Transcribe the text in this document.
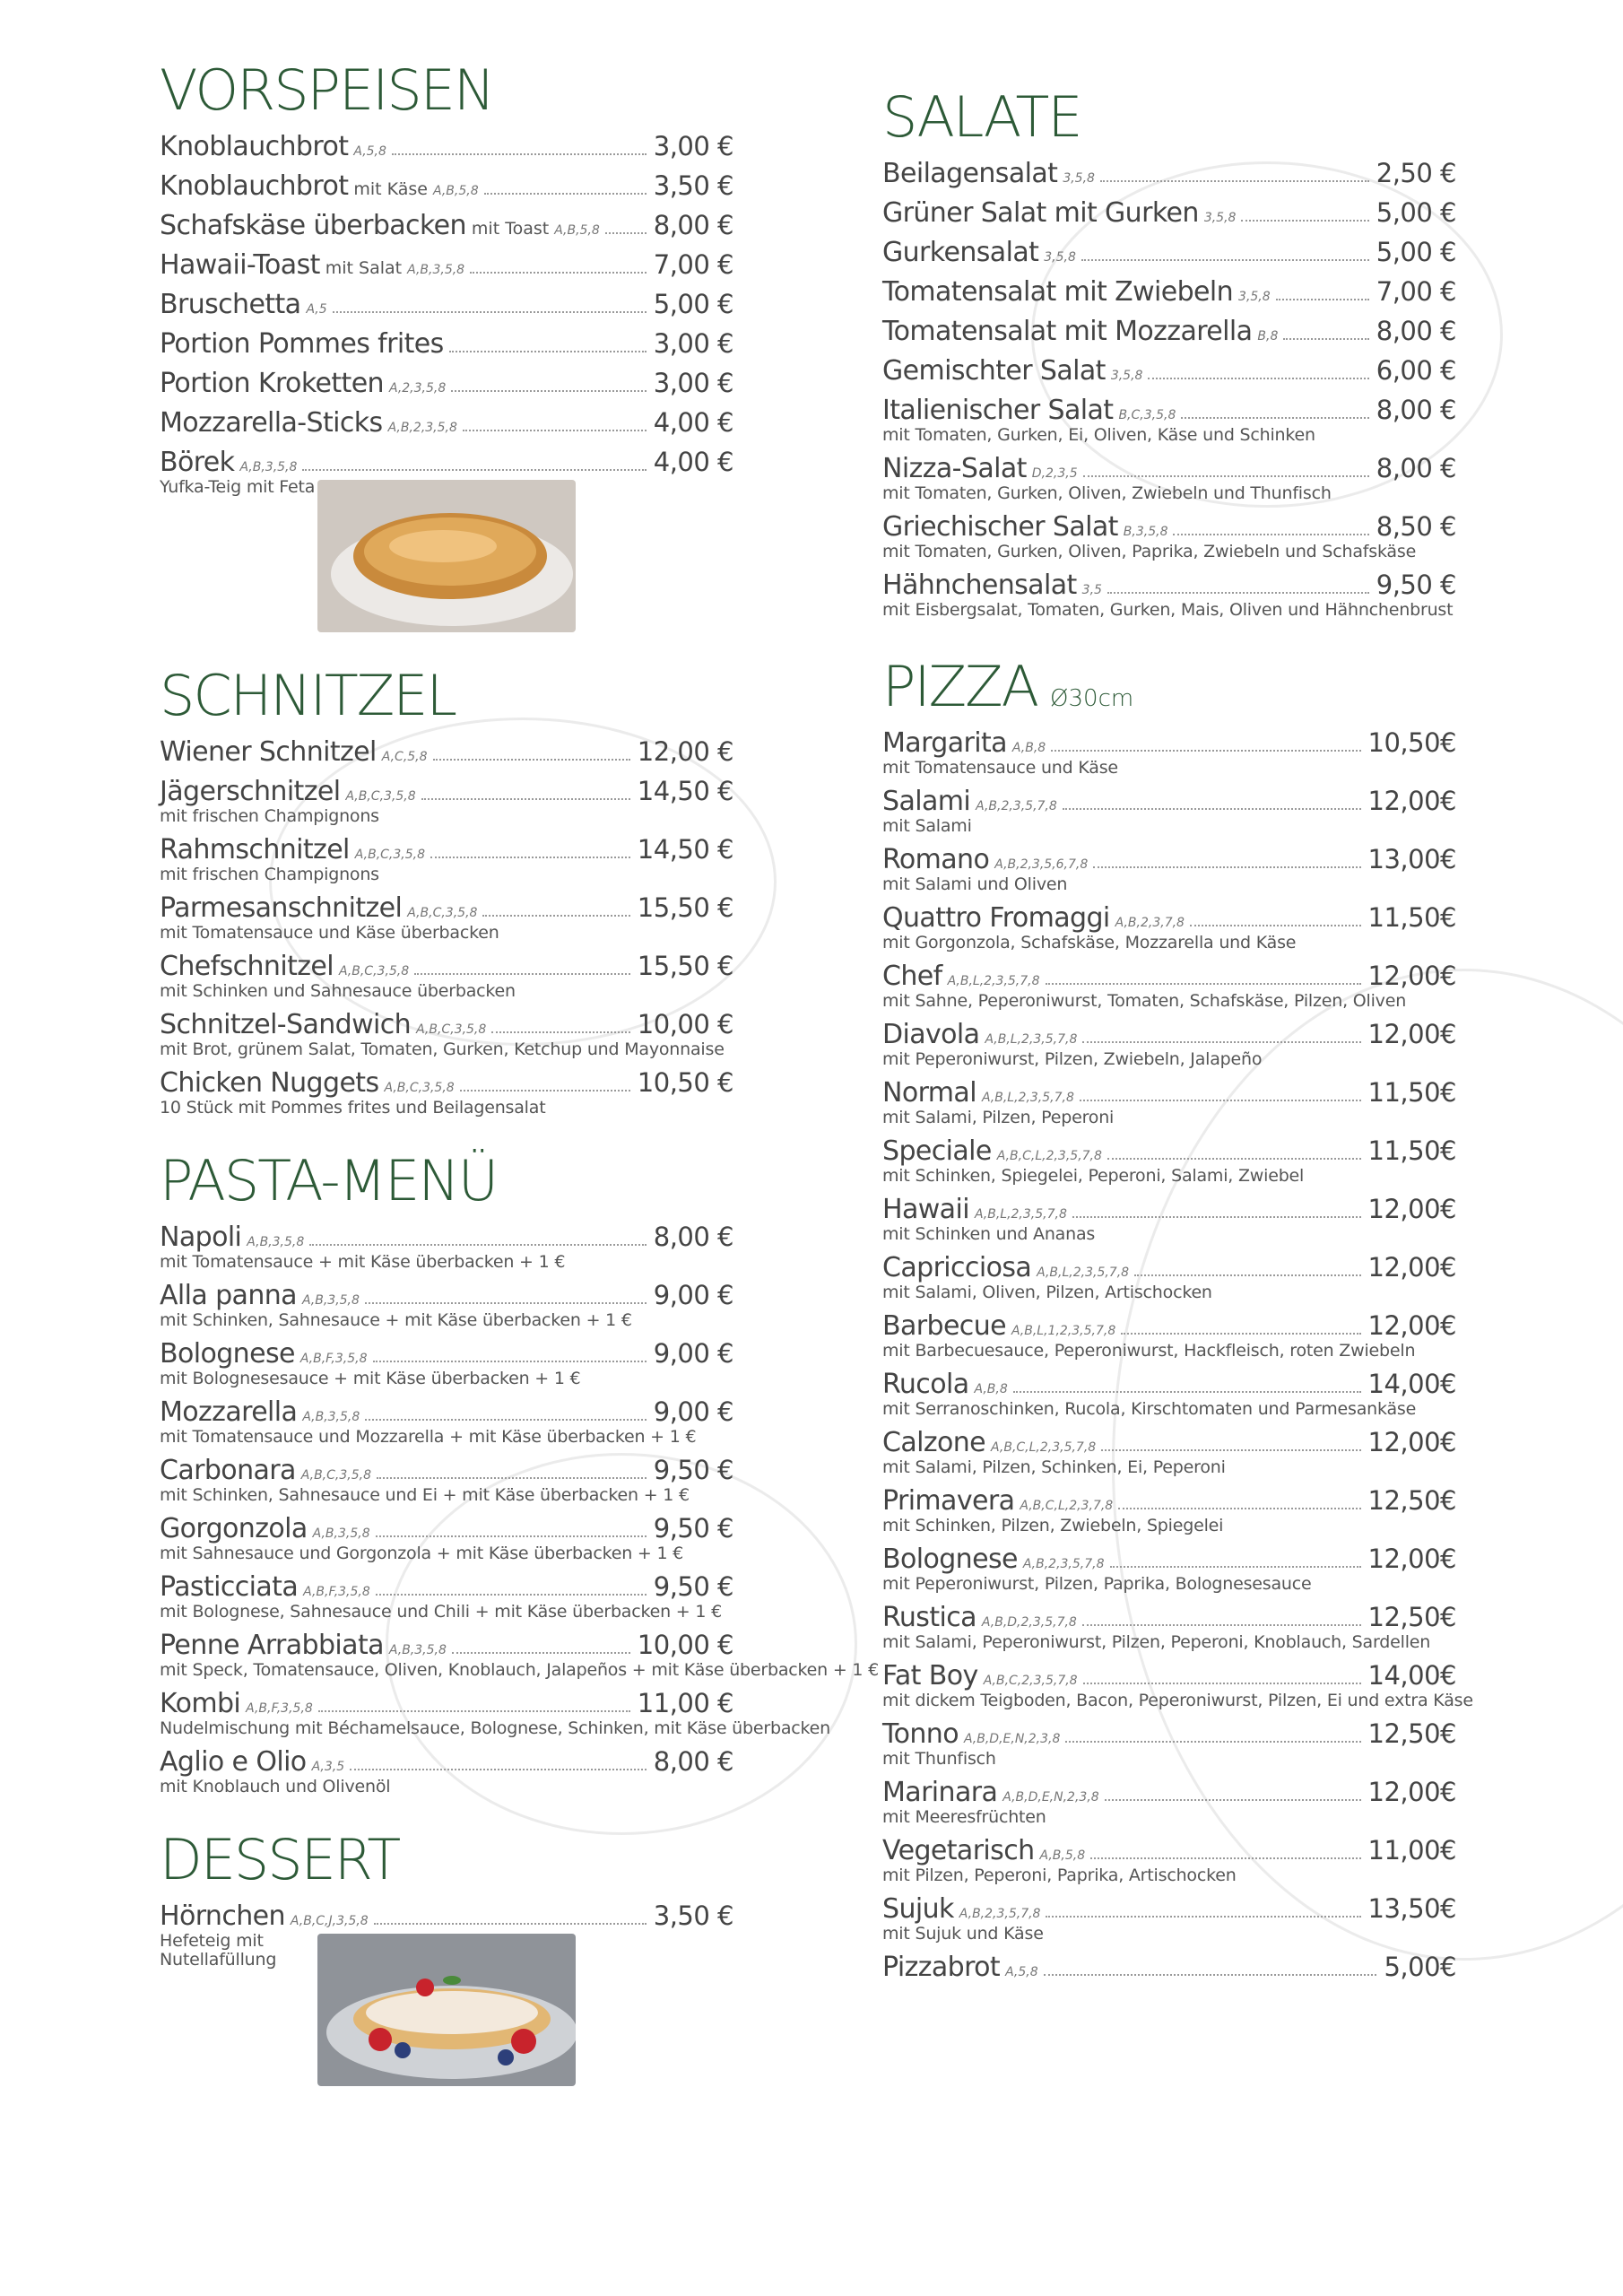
VORSPEISEN
Knoblauchbrot A,5,8	3,00 €
Knoblauchbrot mit Käse A,B,5,8	3,50 €
Schafskäse überbacken mit Toast A,B,5,8 8,00 €
Hawaii-Toast mit Salat A,B,3,5,8	7,00 €
Bruschetta A,5	5,00 €
Portion Pommes frites	3,00 €
Portion Kroketten A,2,3,5,8	3,00 €
Mozzarella-Sticks A,B,2,3,5,8	4,00 €
Börek A,B,3,5,8	4,00 €
Yufka-Teig mit Feta
SCHNITZEL
Wiener Schnitzel A,C,5,8	12,00 €
Jägerschnitzel A,B,C,3,5,8	14,50 €
mit frischen Champignons
Rahmschnitzel A,B,C,3,5,8	14,50 €
mit frischen Champignons
Parmesanschnitzel A,B,C,3,5,8	15,50 €
mit Tomatensauce und Käse überbacken
Chefschnitzel A,B,C,3,5,8	15,50 €
mit Schinken und Sahnesauce überbacken
Schnitzel-Sandwich A,B,C,3,5,8	10,00 €
mit Brot, grünem Salat, Tomaten, Gurken, Ketchup und Mayonnaise
Chicken Nuggets A,B,C,3,5,8	10,50 €
10 Stück mit Pommes frites und Beilagensalat
PASTA-MENÜ
Napoli A,B,3,5,8	8,00 €
mit Tomatensauce + mit Käse überbacken + 1 €
Alla panna A,B,3,5,8	9,00 €
mit Schinken, Sahnesauce + mit Käse überbacken + 1 €
Bolognese A,B,F,3,5,8	9,00 €
mit Bolognesesauce + mit Käse überbacken + 1 €
Mozzarella A,B,3,5,8	9,00 €
mit Tomatensauce und Mozzarella + mit Käse überbacken + 1 €
Carbonara A,B,C,3,5,8	9,50 €
mit Schinken, Sahnesauce und Ei + mit Käse überbacken + 1 €
Gorgonzola A,B,3,5,8	9,50 €
mit Sahnesauce und Gorgonzola + mit Käse überbacken + 1 €
Pasticciata A,B,F,3,5,8	9,50 €
mit Bolognese, Sahnesauce und Chili + mit Käse überbacken + 1 €
Penne Arrabbiata A,B,3,5,8	10,00 €
mit Speck, Tomatensauce, Oliven, Knoblauch, Jalapeños + mit Käse überbacken + 1 €
Kombi A,B,F,3,5,8	11,00 €
Nudelmischung mit Béchamelsauce, Bolognese, Schinken, mit Käse überbacken
Aglio e Olio A,3,5	8,00 €
mit Knoblauch und Olivenöl
DESSERT
Hörnchen A,B,C,J,3,5,8	3,50 €
Hefeteig mit
Nutellafüllung
SALATE
Beilagensalat 3,5,8	2,50 €
Grüner Salat mit Gurken 3,5,8	5,00 €
Gurkensalat 3,5,8	5,00 €
Tomatensalat mit Zwiebeln 3,5,8	7,00 €
Tomatensalat mit Mozzarella B,8	8,00 €
Gemischter Salat 3,5,8	6,00 €
Italienischer Salat B,C,3,5,8	8,00 €
mit Tomaten, Gurken, Ei, Oliven, Käse und Schinken
Nizza-Salat D,2,3,5	8,00 €
mit Tomaten, Gurken, Oliven, Zwiebeln und Thunfisch
Griechischer Salat B,3,5,8	8,50 €
mit Tomaten, Gurken, Oliven, Paprika, Zwiebeln und Schafskäse
Hähnchensalat 3,5	9,50 €
mit Eisbergsalat, Tomaten, Gurken, Mais, Oliven und Hähnchenbrust
PIZZA Ø30cm
Margarita A,B,8	10,50€
mit Tomatensauce und Käse
Salami A,B,2,3,5,7,8	12,00€
mit Salami
Romano A,B,2,3,5,6,7,8	13,00€
mit Salami und Oliven
Quattro Fromaggi A,B,2,3,7,8	11,50€
mit Gorgonzola, Schafskäse, Mozzarella und Käse
Chef A,B,L,2,3,5,7,8	12,00€
mit Sahne, Peperoniwurst, Tomaten, Schafskäse, Pilzen, Oliven
Diavola A,B,L,2,3,5,7,8	12,00€
mit Peperoniwurst, Pilzen, Zwiebeln, Jalapeño
Normal A,B,L,2,3,5,7,8	11,50€
mit Salami, Pilzen, Peperoni
Speciale A,B,C,L,2,3,5,7,8	11,50€
mit Schinken, Spiegelei, Peperoni, Salami, Zwiebel
Hawaii A,B,L,2,3,5,7,8	12,00€
mit Schinken und Ananas
Capricciosa A,B,L,2,3,5,7,8	12,00€
mit Salami, Oliven, Pilzen, Artischocken
Barbecue A,B,L,1,2,3,5,7,8	12,00€
mit Barbecuesauce, Peperoniwurst, Hackfleisch, roten Zwiebeln
Rucola A,B,8	14,00€
mit Serranoschinken, Rucola, Kirschtomaten und Parmesankäse
Calzone A,B,C,L,2,3,5,7,8	12,00€
mit Salami, Pilzen, Schinken, Ei, Peperoni
Primavera A,B,C,L,2,3,7,8	12,50€
mit Schinken, Pilzen, Zwiebeln, Spiegelei
Bolognese A,B,2,3,5,7,8	12,00€
mit Peperoniwurst, Pilzen, Paprika, Bolognesesauce
Rustica A,B,D,2,3,5,7,8	12,50€
mit Salami, Peperoniwurst, Pilzen, Peperoni, Knoblauch, Sardellen
Fat Boy A,B,C,2,3,5,7,8	14,00€
mit dickem Teigboden, Bacon, Peperoniwurst, Pilzen, Ei und extra Käse
Tonno A,B,D,E,N,2,3,8	12,50€
mit Thunfisch
Marinara A,B,D,E,N,2,3,8	12,00€
mit Meeresfrüchten
Vegetarisch A,B,5,8	11,00€
mit Pilzen, Peperoni, Paprika, Artischocken
Sujuk A,B,2,3,5,7,8	13,50€
mit Sujuk und Käse
Pizzabrot A,5,8	5,00€
